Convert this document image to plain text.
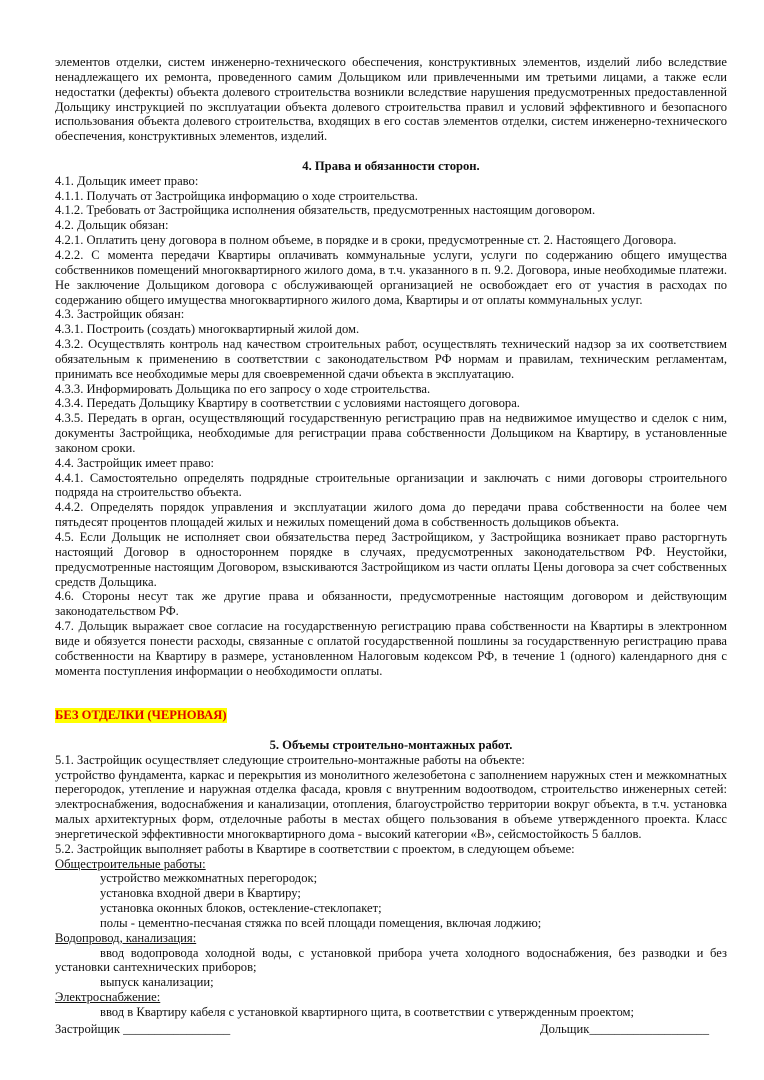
элементов отделки, систем инженерно-технического обеспечения, конструктивных элементов, изделий либо вследствие ненадлежащего их ремонта, проведенного самим Дольщиком или привлеченными им третьими лицами, а также если недостатки (дефекты) объекта долевого строительства возникли вследствие нарушения предусмотренных предоставленной Дольщику инструкцией по эксплуатации объекта долевого строительства правил и условий эффективного и безопасного использования объекта долевого строительства, входящих в его состав элементов отделки, систем инженерно-технического обеспечения, конструктивных элементов, изделий.

4. Права и обязанности сторон.

4.1. Дольщик имеет право:

4.1.1. Получать от Застройщика информацию о ходе строительства.

4.1.2. Требовать от Застройщика исполнения обязательств, предусмотренных настоящим договором.

4.2. Дольщик обязан:

4.2.1. Оплатить цену договора в полном объеме, в порядке и в сроки, предусмотренные ст. 2. Настоящего Договора.

4.2.2. С момента передачи Квартиры оплачивать коммунальные услуги, услуги по содержанию общего имущества собственников помещений многоквартирного жилого дома, в т.ч. указанного в п. 9.2. Договора, иные необходимые платежи. Не заключение Дольщиком договора с обслуживающей организацией не освобождает его от участия в расходах по содержанию общего имущества многоквартирного жилого дома, Квартиры и от оплаты коммунальных услуг.

4.3. Застройщик обязан:

4.3.1. Построить (создать) многоквартирный жилой дом.

4.3.2. Осуществлять контроль над качеством строительных работ, осуществлять технический надзор за их соответствием обязательным к применению в соответствии с законодательством РФ нормам и правилам, техническим регламентам, принимать все необходимые меры для своевременной сдачи объекта в эксплуатацию.

4.3.3. Информировать Дольщика по его запросу о ходе строительства.

4.3.4. Передать Дольщику Квартиру в соответствии с условиями настоящего договора.

4.3.5. Передать в орган, осуществляющий государственную регистрацию прав на недвижимое имущество и сделок с ним, документы Застройщика, необходимые для регистрации права собственности Дольщиком на Квартиру, в установленные законом сроки.

4.4. Застройщик имеет право:

4.4.1. Самостоятельно определять подрядные строительные организации и заключать с ними договоры строительного подряда на строительство объекта.

4.4.2. Определять порядок управления и эксплуатации жилого дома до передачи права собственности на более чем пятьдесят процентов площадей жилых и нежилых помещений дома в собственность дольщиков объекта.

4.5. Если Дольщик не исполняет свои обязательства перед Застройщиком, у Застройщика возникает право расторгнуть настоящий Договор в одностороннем порядке в случаях, предусмотренных законодательством РФ. Неустойки, предусмотренные настоящим Договором, взыскиваются Застройщиком из части оплаты Цены договора за счет собственных средств Дольщика.

4.6. Стороны несут так же другие права и обязанности, предусмотренные настоящим договором и действующим законодательством РФ.

4.7. Дольщик выражает свое согласие на государственную регистрацию права собственности на Квартиры в электронном виде и обязуется понести расходы, связанные с оплатой государственной пошлины за государственную регистрацию права собственности на Квартиру в размере, установленном Налоговым кодексом РФ, в течение 1 (одного) календарного дня с момента поступления информации о необходимости оплаты.

БЕЗ ОТДЕЛКИ (ЧЕРНОВАЯ)

5. Объемы строительно-монтажных работ.

5.1. Застройщик осуществляет следующие строительно-монтажные работы на объекте:

устройство фундамента, каркас и перекрытия из монолитного железобетона с заполнением наружных стен и межкомнатных перегородок, утепление и наружная отделка фасада, кровля с внутренним водоотводом, строительство инженерных сетей: электроснабжения, водоснабжения и канализации, отопления, благоустройство территории вокруг объекта, в т.ч. установка малых архитектурных форм, отделочные работы в местах общего пользования в объеме утвержденного проекта. Класс энергетической эффективности многоквартирного дома - высокий категории «В», сейсмостойкость 5 баллов.

5.2. Застройщик выполняет работы в Квартире в соответствии с проектом, в следующем объеме:

Общестроительные работы:

устройство межкомнатных перегородок;

установка входной двери в Квартиру;

установка оконных блоков, остекление-стеклопакет;

полы - цементно-песчаная стяжка по всей площади помещения, включая лоджию;

Водопровод, канализация:

ввод водопровода холодной воды, с установкой прибора учета холодного водоснабжения, без разводки и без установки сантехнических приборов;

выпуск канализации;

Электроснабжение:

ввод в Квартиру кабеля с установкой квартирного щита, в соответствии с утвержденным проектом;

Застройщик _________________	Дольщик___________________
